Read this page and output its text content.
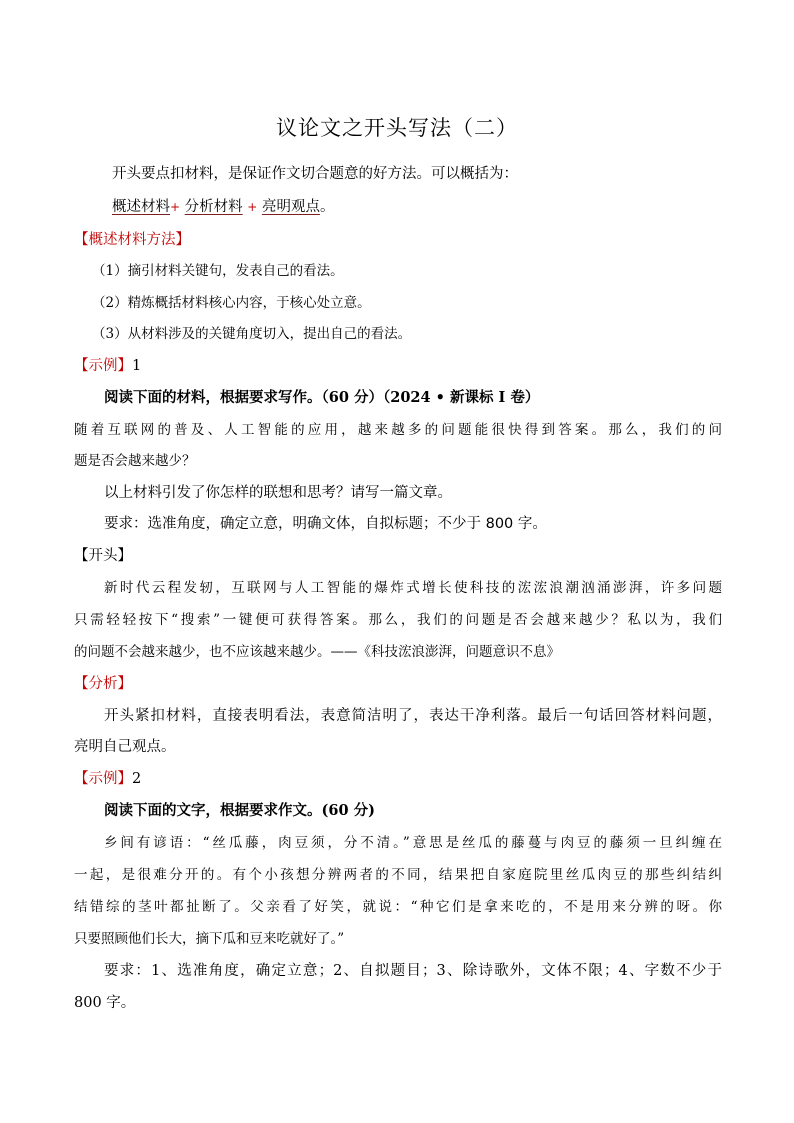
议论文之开头写法（二）
开头要点扣材料，是保证作文切合题意的好方法。可以概括为：
概述材料+ 分析材料 + 亮明观点。
【概述材料方法】
（1）摘引材料关键句，发表自己的看法。
（2）精炼概括材料核心内容，于核心处立意。
（3）从材料涉及的关键角度切入，提出自己的看法。
【示例】1
阅读下面的材料，根据要求写作。（60 分）（2024 • 新课标 I 卷）
随着互联网的普及、人工智能的应用，越来越多的问题能很快得到答案。那么，我们的问
题是否会越来越少？
以上材料引发了你怎样的联想和思考？请写一篇文章。
要求：选准角度，确定立意，明确文体，自拟标题；不少于 800 字。
【开头】
新时代云程发轫，互联网与人工智能的爆炸式增长使科技的浤浤浪潮汹涌澎湃，许多问题
只需轻轻按下“搜索”一键便可获得答案。那么，我们的问题是否会越来越少？私以为，我们
的问题不会越来越少，也不应该越来越少。——《科技浤浪澎湃，问题意识不息》
【分析】
开头紧扣材料，直接表明看法，表意简洁明了，表达干净利落。最后一句话回答材料问题，
亮明自己观点。
【示例】2
阅读下面的文字，根据要求作文。(60 分)
乡间有谚语：“丝瓜藤，肉豆须，分不清。”意思是丝瓜的藤蔓与肉豆的藤须一旦纠缠在
一起，是很难分开的。有个小孩想分辨两者的不同，结果把自家庭院里丝瓜肉豆的那些纠结纠
结错综的茎叶都扯断了。父亲看了好笑，就说：“种它们是拿来吃的，不是用来分辨的呀。你
只要照顾他们长大，摘下瓜和豆来吃就好了。”
要求：1、选准角度，确定立意；2、自拟题目；3、除诗歌外，文体不限；4、字数不少于
800 字。
